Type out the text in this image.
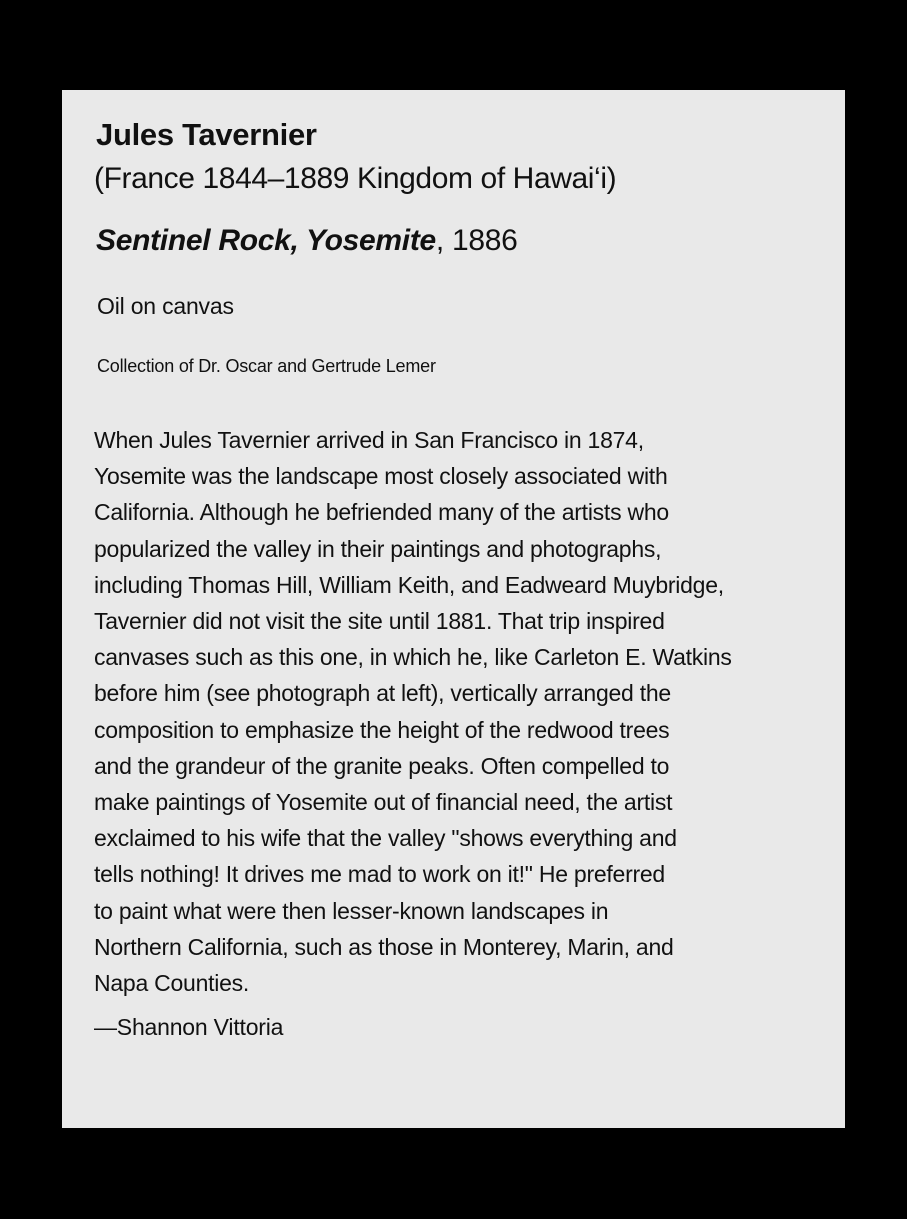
Jules Tavernier
(France 1844–1889 Kingdom of Hawai‘i)
Sentinel Rock, Yosemite, 1886
Oil on canvas
Collection of Dr. Oscar and Gertrude Lemer
When Jules Tavernier arrived in San Francisco in 1874,
Yosemite was the landscape most closely associated with
California. Although he befriended many of the artists who
popularized the valley in their paintings and photographs,
including Thomas Hill, William Keith, and Eadweard Muybridge,
Tavernier did not visit the site until 1881. That trip inspired
canvases such as this one, in which he, like Carleton E. Watkins
before him (see photograph at left), vertically arranged the
composition to emphasize the height of the redwood trees
and the grandeur of the granite peaks. Often compelled to
make paintings of Yosemite out of financial need, the artist
exclaimed to his wife that the valley "shows everything and
tells nothing! It drives me mad to work on it!" He preferred
to paint what were then lesser-known landscapes in
Northern California, such as those in Monterey, Marin, and
Napa Counties.
—Shannon Vittoria
